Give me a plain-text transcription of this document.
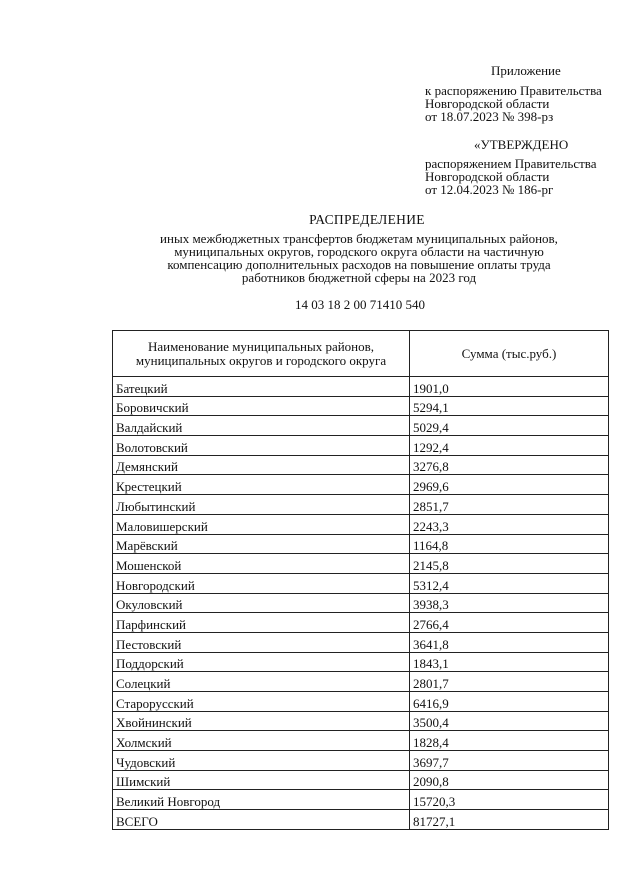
Приложение
к распоряжению Правительства
Новгородской области
от 18.07.2023 № 398-рз
«УТВЕРЖДЕНО
распоряжением Правительства
Новгородской области
от 12.04.2023 № 186-рг
РАСПРЕДЕЛЕНИЕ
иных межбюджетных трансфертов бюджетам муниципальных районов,
муниципальных округов, городского округа области на частичную
компенсацию дополнительных расходов на повышение оплаты труда
работников бюджетной сферы на 2023 год
14 03 18 2 00 71410 540
Наименование муниципальных районов, муниципальных округов и городского округа	Сумма (тыс.руб.)
Батецкий	1901,0
Боровичский	5294,1
Валдайский	5029,4
Волотовский	1292,4
Демянский	3276,8
Крестецкий	2969,6
Любытинский	2851,7
Маловишерский	2243,3
Марёвский	1164,8
Мошенской	2145,8
Новгородский	5312,4
Окуловский	3938,3
Парфинский	2766,4
Пестовский	3641,8
Поддорский	1843,1
Солецкий	2801,7
Старорусский	6416,9
Хвойнинский	3500,4
Холмский	1828,4
Чудовский	3697,7
Шимский	2090,8
Великий Новгород	15720,3
ВСЕГО	81727,1
